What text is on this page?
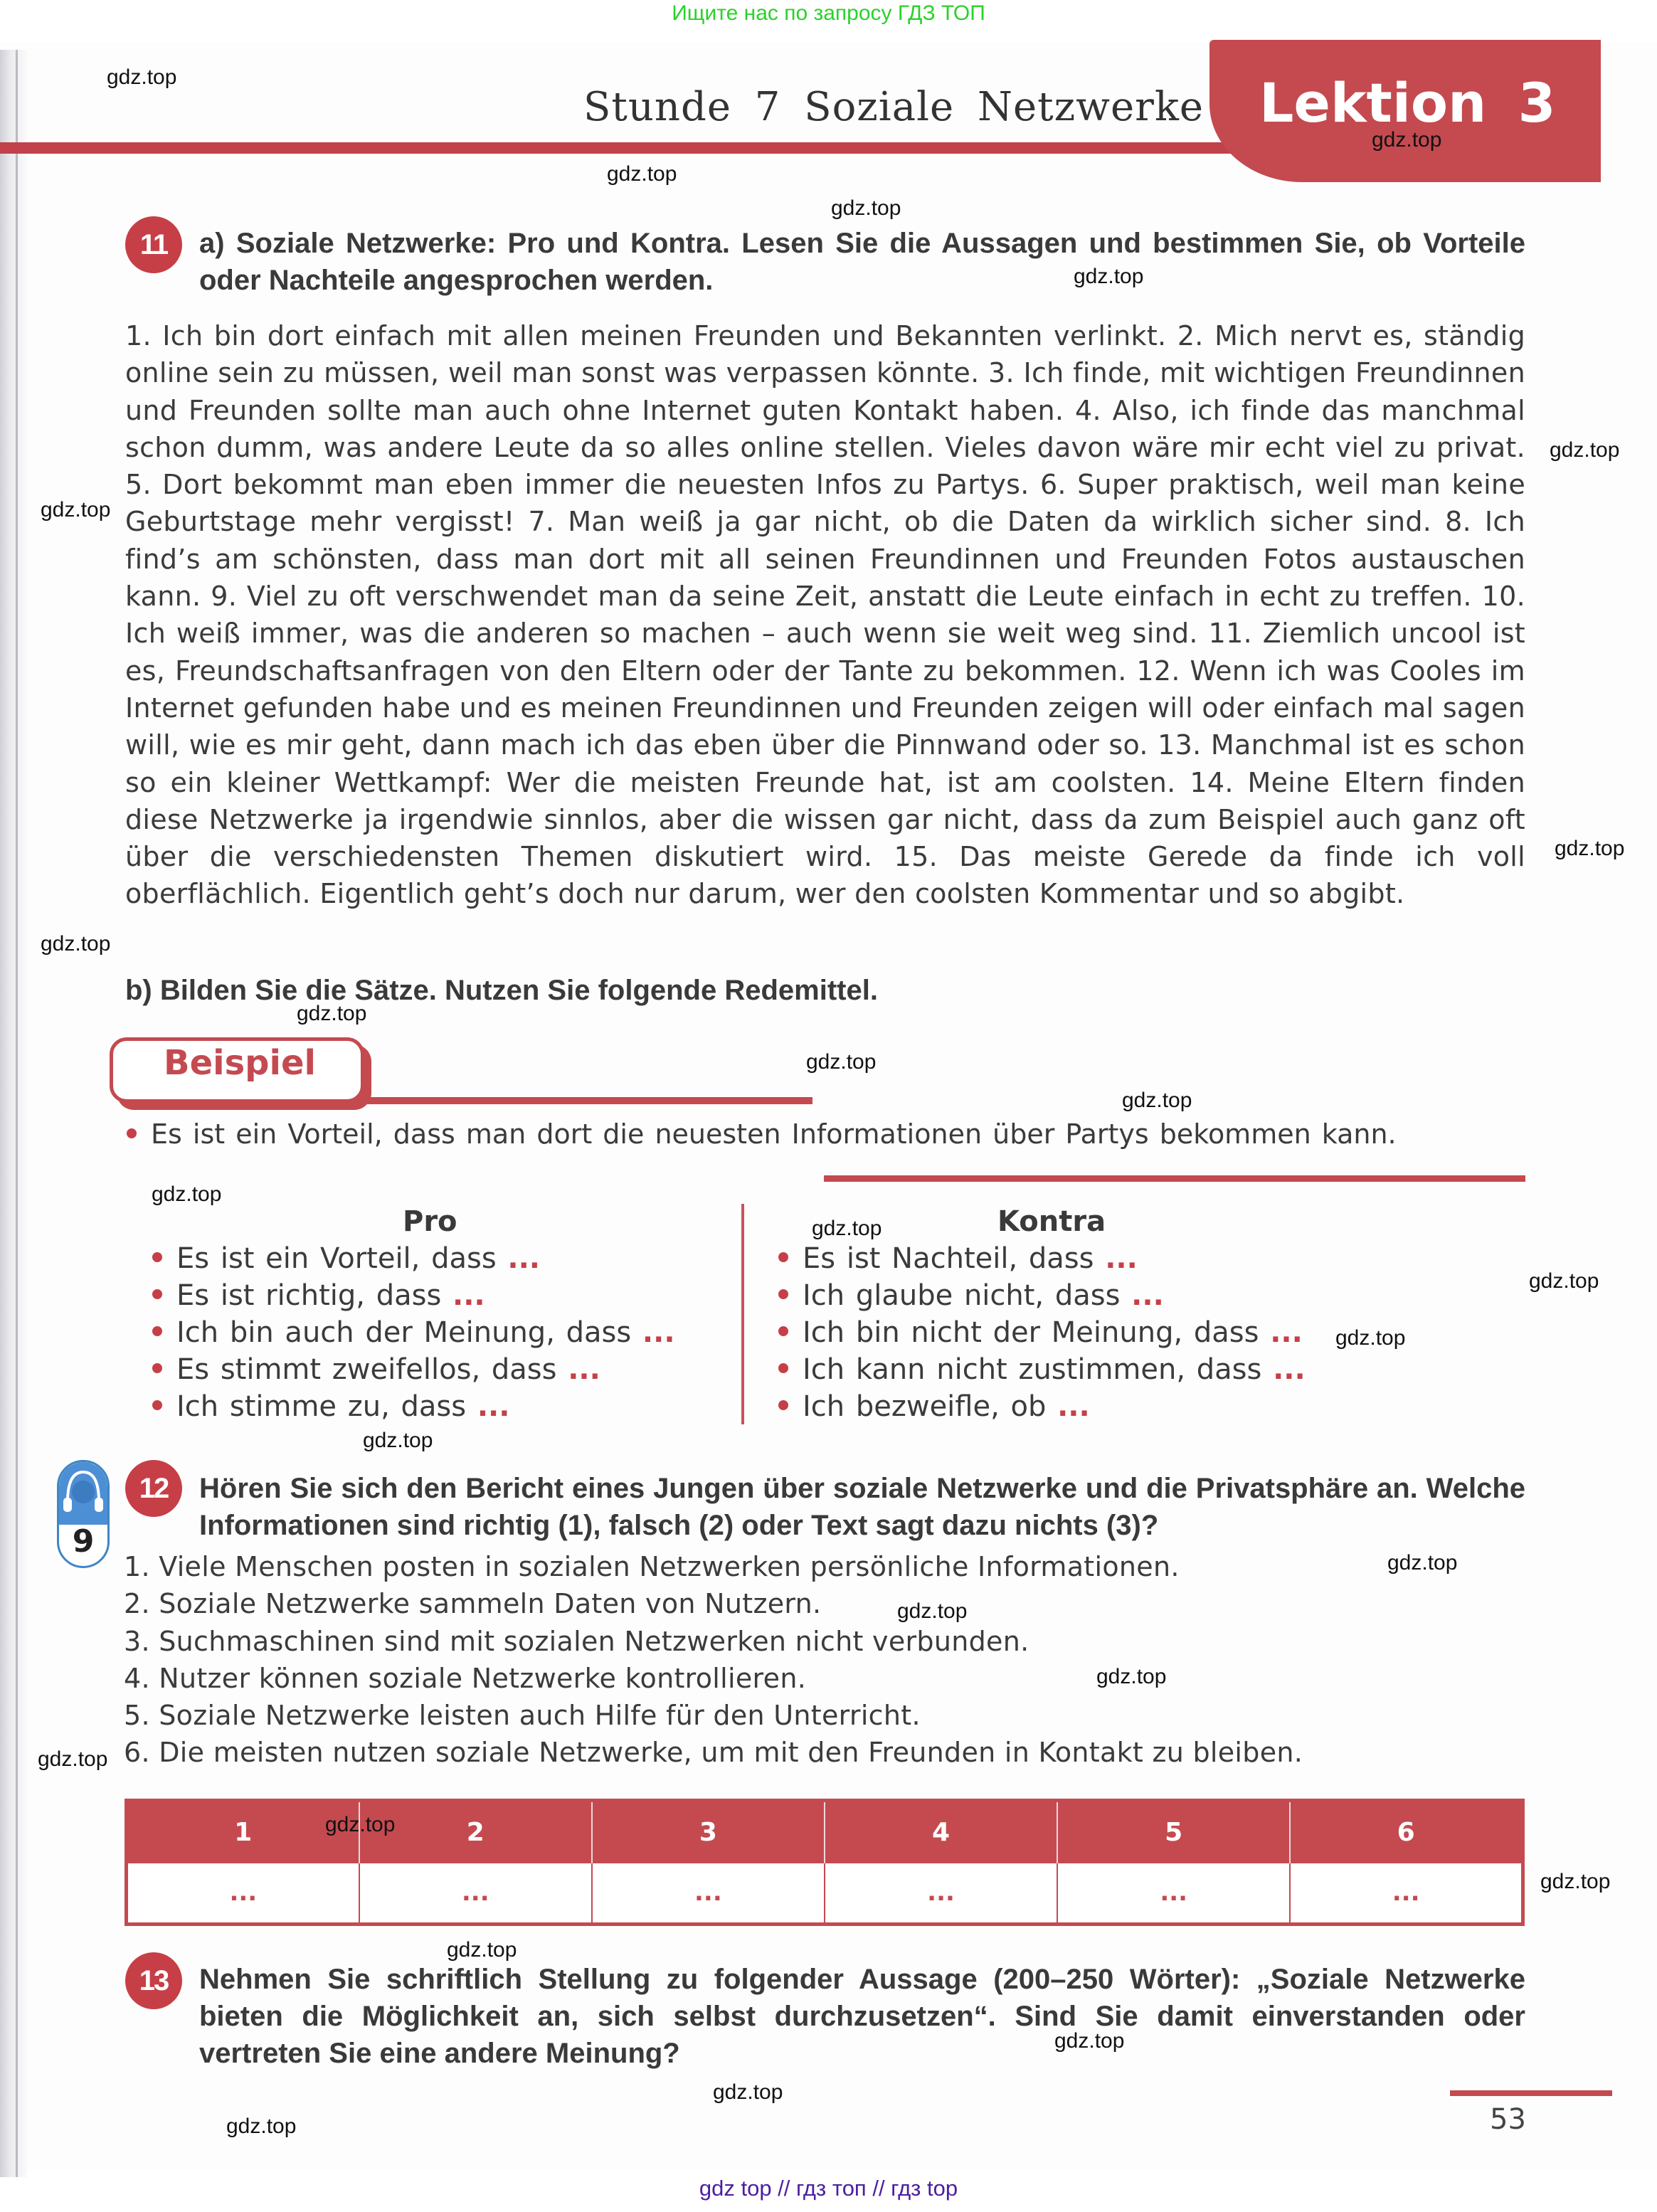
Ищите нас по запросу ГДЗ ТОП
Stunde 7 Soziale Netzwerke Lektion 3
11	a) Soziale Netzwerke: Pro und Kontra. Lesen Sie die Aussagen und bestimmen Sie, ob Vorteile oder Nachteile angesprochen werden.
1. Ich bin dort einfach mit allen meinen Freunden und Bekannten verlinkt. 2. Mich nervt es, ständig online sein zu müssen, weil man sonst was verpassen könnte. 3. Ich finde, mit wichtigen Freundinnen und Freunden sollte man auch ohne Internet guten Kontakt haben. 4. Also, ich finde das manchmal schon dumm, was andere Leute da so alles online stellen. Vieles davon wäre mir echt viel zu privat. 5. Dort bekommt man eben immer die neuesten Infos zu Partys. 6. Super praktisch, weil man keine Geburtstage mehr vergisst! 7. Man weiß ja gar nicht, ob die Daten da wirklich sicher sind. 8. Ich find’s am schönsten, dass man dort mit all seinen Freundinnen und Freunden Fotos austauschen kann. 9. Viel zu oft verschwendet man da seine Zeit, anstatt die Leute einfach in echt zu treffen. 10. Ich weiß immer, was die anderen so machen – auch wenn sie weit weg sind. 11. Ziemlich uncool ist es, Freundschaftsanfragen von den Eltern oder der Tante zu bekommen. 12. Wenn ich was Cooles im Internet gefunden habe und es meinen Freundinnen und Freunden zeigen will oder einfach mal sagen will, wie es mir geht, dann mach ich das eben über die Pinnwand oder so. 13. Manchmal ist es schon so ein kleiner Wettkampf: Wer die meisten Freunde hat, ist am coolsten. 14. Meine Eltern finden diese Netzwerke ja irgendwie sinnlos, aber die wissen gar nicht, dass da zum Beispiel auch ganz oft über die verschiedensten Themen diskutiert wird. 15. Das meiste Gerede da finde ich voll oberflächlich. Eigentlich geht’s doch nur darum, wer den coolsten Kommentar und so abgibt.
b) Bilden Sie die Sätze. Nutzen Sie folgende Redemittel.
Beispiel
Es ist ein Vorteil, dass man dort die neuesten Informationen über Partys bekommen kann.
Pro
Es ist ein Vorteil, dass ...
Es ist richtig, dass ...
Ich bin auch der Meinung, dass ...
Es stimmt zweifellos, dass ...
Ich stimme zu, dass ...
Kontra
Es ist Nachteil, dass ...
Ich glaube nicht, dass ...
Ich bin nicht der Meinung, dass ...
Ich kann nicht zustimmen, dass ...
Ich bezweifle, ob ...
9
12	Hören Sie sich den Bericht eines Jungen über soziale Netzwerke und die Privatsphäre an. Welche Informationen sind richtig (1), falsch (2) oder Text sagt dazu nichts (3)?
1. Viele Menschen posten in sozialen Netzwerken persönliche Informationen.
2. Soziale Netzwerke sammeln Daten von Nutzern.
3. Suchmaschinen sind mit sozialen Netzwerken nicht verbunden.
4. Nutzer können soziale Netzwerke kontrollieren.
5. Soziale Netzwerke leisten auch Hilfe für den Unterricht.
6. Die meisten nutzen soziale Netzwerke, um mit den Freunden in Kontakt zu bleiben.
1	2	3	4	5	6
...	...	...	...	...	...
13	Nehmen Sie schriftlich Stellung zu folgender Aussage (200–250 Wörter): „Soziale Netzwerke bieten die Möglichkeit an, sich selbst durchzusetzen“. Sind Sie damit einverstanden oder vertreten Sie eine andere Meinung?
53
gdz.top
gdz.top
gdz.top
gdz.top
gdz.top
gdz.top
gdz.top
gdz.top
gdz.top
gdz.top
gdz.top
gdz.top
gdz.top
gdz.top
gdz.top
gdz.top
gdz.top
gdz.top
gdz.top
gdz.top
gdz.top
gdz.top
gdz.top
gdz.top
gdz.top
gdz.top
gdz.top
gdz top // гдз топ // гдз top
